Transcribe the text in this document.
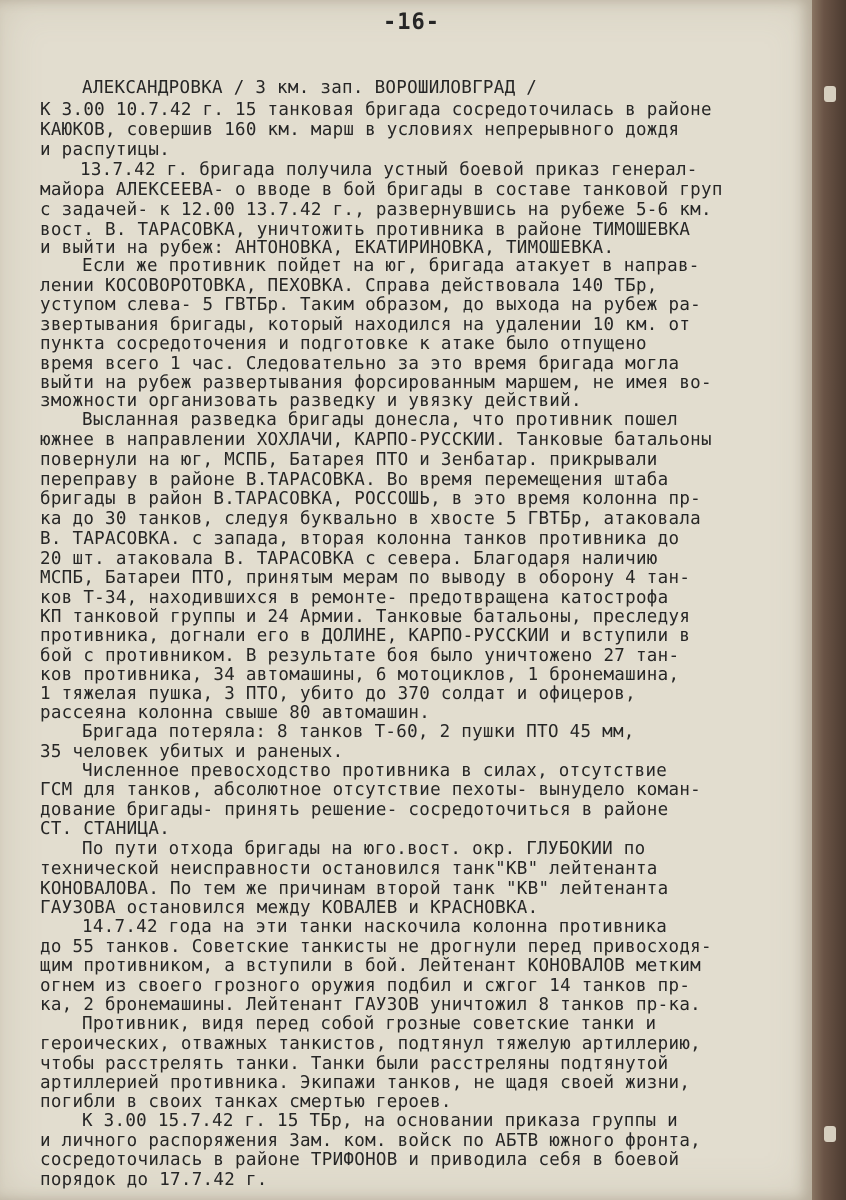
-16-
АЛЕКСАНДРОВКА / 3 км. зап. ВОРОШИЛОВГРАД /
К 3.00 10.7.42 г. 15 танковая бригада сосредоточилась в районе
КАЮКОВ, совершив 160 км. марш в условиях непрерывного дождя
и распутицы.
13.7.42 г. бригада получила устный боевой приказ генерал-
майора АЛЕКСЕЕВА- о вводе в бой бригады в составе танковой груп
с задачей- к 12.00 13.7.42 г., развернувшись на рубеже 5-6 км.
вост. В. ТАРАСОВКА, уничтожить противника в районе ТИМОШЕВКА
и выйти на рубеж: АНТОНОВКА, ЕКАТИРИНОВКА, ТИМОШЕВКА.
Если же противник пойдет на юг, бригада атакует в направ-
лении КОСОВОРОТОВКА, ПЕХОВКА. Справа действовала 140 ТБр,
уступом слева- 5 ГВТБр. Таким образом, до выхода на рубеж ра-
звертывания бригады, который находился на удалении 10 км. от
пункта сосредоточения и подготовке к атаке было отпущено
время всего 1 час. Следовательно за это время бригада могла
выйти на рубеж развертывания форсированным маршем, не имея во-
зможности организовать разведку и увязку действий.
Высланная разведка бригады донесла, что противник пошел
южнее в направлении ХОХЛАЧИ, КАРПО-РУССКИИ. Танковые батальоны
повернули на юг, МСПБ, Батарея ПТО и Зенбатар. прикрывали
переправу в районе В.ТАРАСОВКА. Во время перемещения штаба
бригады в район В.ТАРАСОВКА, РОССОШЬ, в это время колонна пр-
ка до 30 танков, следуя буквально в хвосте 5 ГВТБр, атаковала
В. ТАРАСОВКА. с запада, вторая колонна танков противника до
20 шт. атаковала В. ТАРАСОВКА с севера. Благодаря наличию
МСПБ, Батареи ПТО, принятым мерам по выводу в оборону 4 тан-
ков Т-34, находившихся в ремонте- предотвращена катострофа
КП танковой группы и 24 Армии. Танковые батальоны, преследуя
противника, догнали его в ДОЛИНЕ, КАРПО-РУССКИИ и вступили в
бой с противником. В результате боя было уничтожено 27 тан-
ков противника, 34 автомашины, 6 мотоциклов, 1 бронемашина,
1 тяжелая пушка, 3 ПТО, убито до 370 солдат и офицеров,
рассеяна колонна свыше 80 автомашин.
Бригада потеряла: 8 танков Т-60, 2 пушки ПТО 45 мм,
35 человек убитых и раненых.
Численное превосходство противника в силах, отсутствие
ГСМ для танков, абсолютное отсутствие пехоты- вынудело коман-
дование бригады- принять решение- сосредоточиться в районе
СТ. СТАНИЦА.
По пути отхода бригады на юго.вост. окр. ГЛУБОКИИ по
технической неисправности остановился танк"КВ" лейтенанта
КОНОВАЛОВА. По тем же причинам второй танк "КВ" лейтенанта
ГАУЗОВА остановился между КОВАЛЕВ и КРАСНОВКА.
14.7.42 года на эти танки наскочила колонна противника
до 55 танков. Советские танкисты не дрогнули перед привосходя-
щим противником, а вступили в бой. Лейтенант КОНОВАЛОВ метким
огнем из своего грозного оружия подбил и сжгог 14 танков пр-
ка, 2 бронемашины. Лейтенант ГАУЗОВ уничтожил 8 танков пр-ка.
Противник, видя перед собой грозные советские танки и
героических, отважных танкистов, подтянул тяжелую артиллерию,
чтобы расстрелять танки. Танки были расстреляны подтянутой
артиллерией противника. Экипажи танков, не щадя своей жизни,
погибли в своих танках смертью героев.
К 3.00 15.7.42 г. 15 ТБр, на основании приказа группы и
и личного распоряжения Зам. ком. войск по АБТВ южного фронта,
сосредоточилась в районе ТРИФОНОВ и приводила себя в боевой
порядок до 17.7.42 г.
